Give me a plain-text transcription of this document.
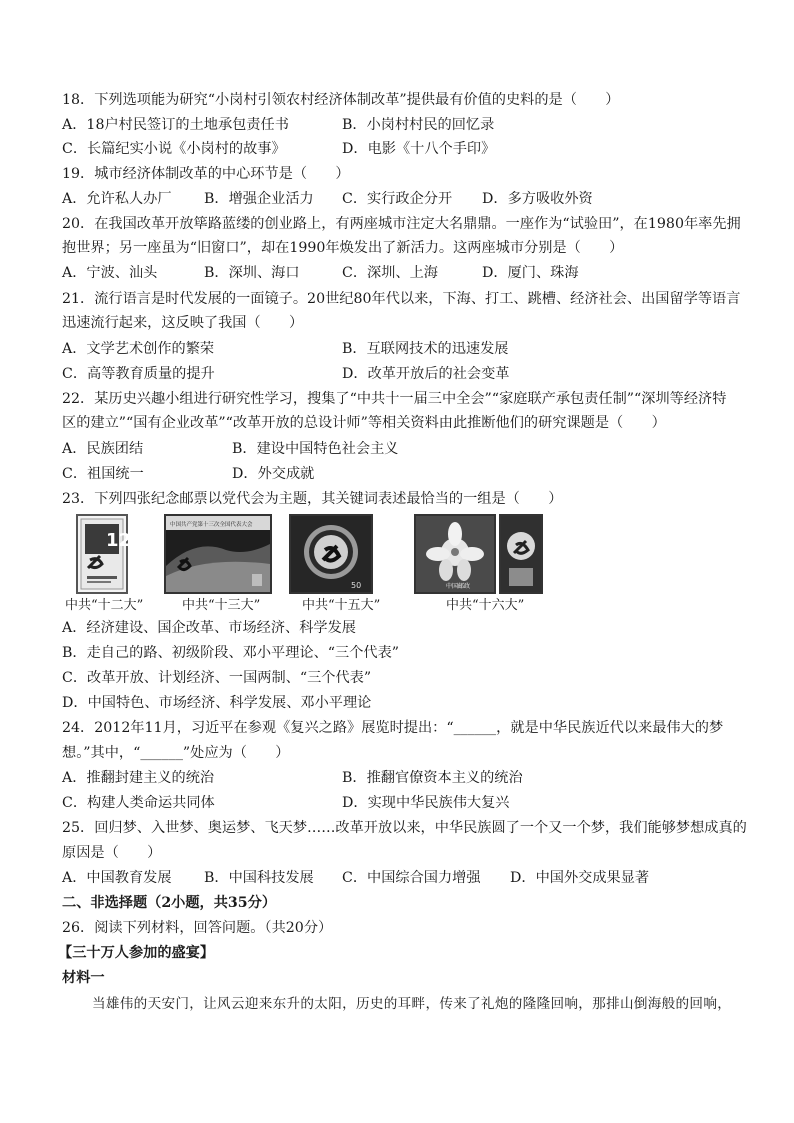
18．下列选项能为研究“小岗村引领农村经济体制改革”提供最有价值的史料的是（　　）
A．18户村民签订的土地承包责任书	B．小岗村村民的回忆录
C．长篇纪实小说《小岗村的故事》	D．电影《十八个手印》
19．城市经济体制改革的中心环节是（　　）
A．允许私人办厂 B．增强企业活力 C．实行政企分开 D．多方吸收外资
20．在我国改革开放筚路蓝缕的创业路上，有两座城市注定大名鼎鼎。一座作为“试验田”，在1980年率先拥
抱世界；另一座虽为“旧窗口”，却在1990年焕发出了新活力。这两座城市分别是（　　）
A．宁波、汕头	B．深圳、海口	C．深圳、上海	D．厦门、珠海
21．流行语言是时代发展的一面镜子。20世纪80年代以来，下海、打工、跳槽、经济社会、出国留学等语言
迅速流行起来，这反映了我国（　　）
A．文学艺术创作的繁荣	B．互联网技术的迅速发展
C．高等教育质量的提升	D．改革开放后的社会变革
22．某历史兴趣小组进行研究性学习，搜集了“中共十一届三中全会”“家庭联产承包责任制”“深圳等经济特
区的建立”“国有企业改革”“改革开放的总设计师”等相关资料由此推断他们的研究课题是（　　）
A．民族团结	B．建设中国特色社会主义
C．祖国统一	D．外交成就
23．下列四张纪念邮票以党代会为主题，其关键词表述最恰当的一组是（　　）
12
中国共产党第十三次全国代表大会
50	中国邮政
中共“十二大”	中共“十三大”	中共“十五大”	中共“十六大”
A．经济建设、国企改革、市场经济、科学发展
B．走自己的路、初级阶段、邓小平理论、“三个代表”
C．改革开放、计划经济、一国两制、“三个代表”
D．中国特色、市场经济、科学发展、邓小平理论
24．2012年11月，习近平在参观《复兴之路》展览时提出：“______，就是中华民族近代以来最伟大的梦
想。”其中，“______”处应为（　　）
A．推翻封建主义的统治	B．推翻官僚资本主义的统治
C．构建人类命运共同体	D．实现中华民族伟大复兴
25．回归梦、入世梦、奥运梦、飞天梦……改革开放以来，中华民族圆了一个又一个梦，我们能够梦想成真的
原因是（　　）
A．中国教育发展 B．中国科技发展 C．中国综合国力增强 D．中国外交成果显著
二、非选择题（2小题，共35分）
26．阅读下列材料，回答问题。（共20分）
【三十万人参加的盛宴】
材料一
当雄伟的天安门，让风云迎来东升的太阳，历史的耳畔，传来了礼炮的隆隆回响，那排山倒海般的回响，
